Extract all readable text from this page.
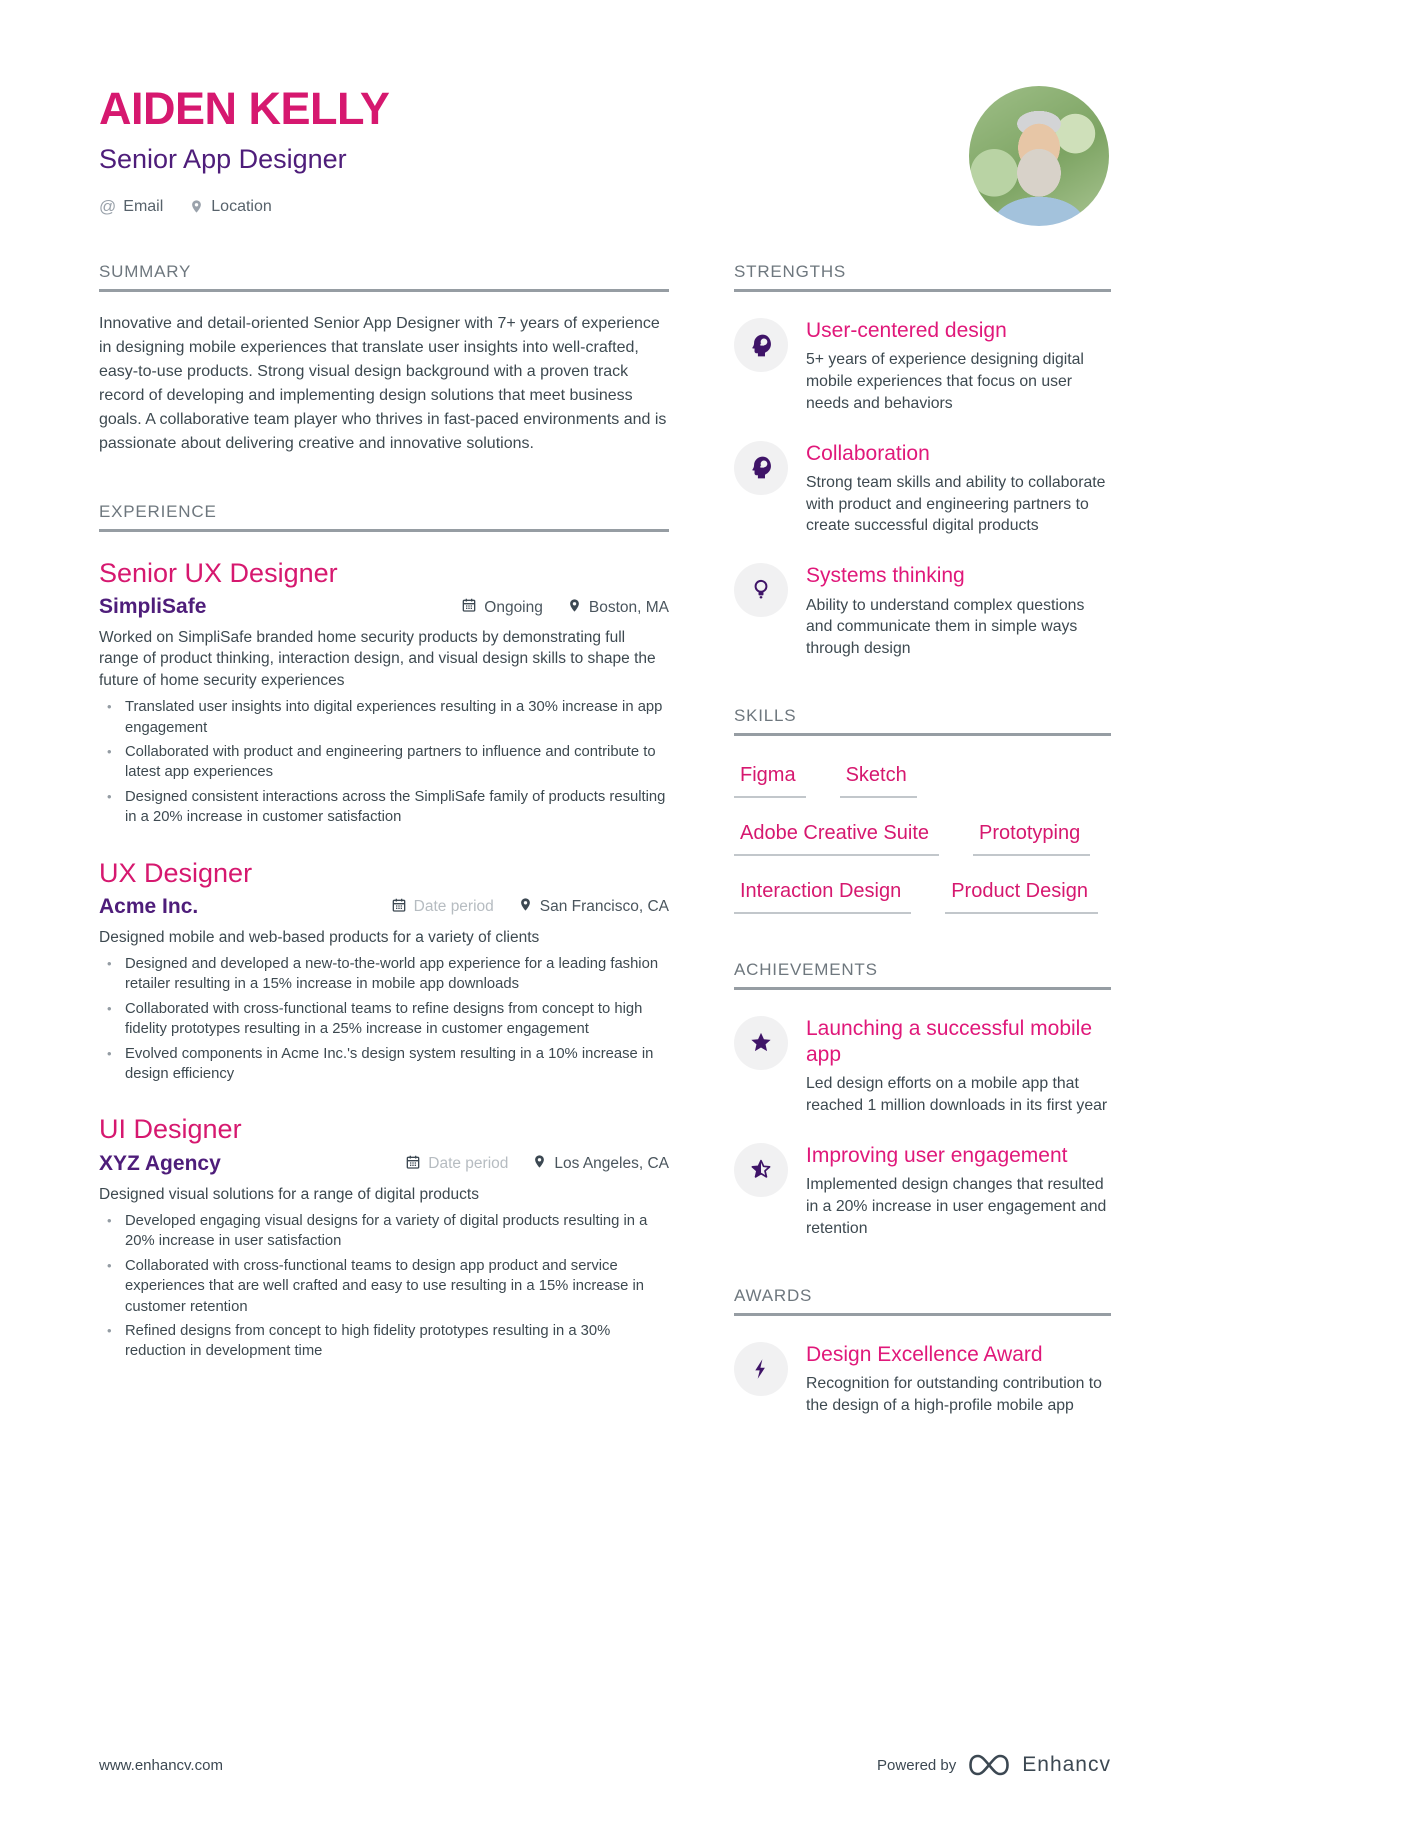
AIDEN KELLY
Senior App Designer
@ Email	Location
SUMMARY
Innovative and detail-oriented Senior App Designer with 7+ years of experience in designing mobile experiences that translate user insights into well-crafted, easy-to-use products. Strong visual design background with a proven track record of developing and implementing design solutions that meet business goals. A collaborative team player who thrives in fast-paced environments and is passionate about delivering creative and innovative solutions.
EXPERIENCE
Senior UX Designer
SimpliSafe	Ongoing	Boston, MA
Worked on SimpliSafe branded home security products by demonstrating full range of product thinking, interaction design, and visual design skills to shape the future of home security experiences
• Translated user insights into digital experiences resulting in a 30% increase in app engagement
• Collaborated with product and engineering partners to influence and contribute to latest app experiences
• Designed consistent interactions across the SimpliSafe family of products resulting in a 20% increase in customer satisfaction
UX Designer
Acme Inc.	Date period	San Francisco, CA
Designed mobile and web-based products for a variety of clients
• Designed and developed a new-to-the-world app experience for a leading fashion retailer resulting in a 15% increase in mobile app downloads
• Collaborated with cross-functional teams to refine designs from concept to high fidelity prototypes resulting in a 25% increase in customer engagement
• Evolved components in Acme Inc.'s design system resulting in a 10% increase in design efficiency
UI Designer
XYZ Agency	Date period	Los Angeles, CA
Designed visual solutions for a range of digital products
• Developed engaging visual designs for a variety of digital products resulting in a 20% increase in user satisfaction
• Collaborated with cross-functional teams to design app product and service experiences that are well crafted and easy to use resulting in a 15% increase in customer retention
• Refined designs from concept to high fidelity prototypes resulting in a 30% reduction in development time
STRENGTHS
User-centered design
5+ years of experience designing digital mobile experiences that focus on user needs and behaviors
Collaboration
Strong team skills and ability to collaborate with product and engineering partners to create successful digital products
Systems thinking
Ability to understand complex questions and communicate them in simple ways through design
SKILLS
Figma	Sketch
Adobe Creative Suite	Prototyping
Interaction Design	Product Design
ACHIEVEMENTS
Launching a successful mobile app
Led design efforts on a mobile app that reached 1 million downloads in its first year
Improving user engagement
Implemented design changes that resulted in a 20% increase in user engagement and retention
AWARDS
Design Excellence Award
Recognition for outstanding contribution to the design of a high-profile mobile app
www.enhancv.com	Powered by	Enhancv
